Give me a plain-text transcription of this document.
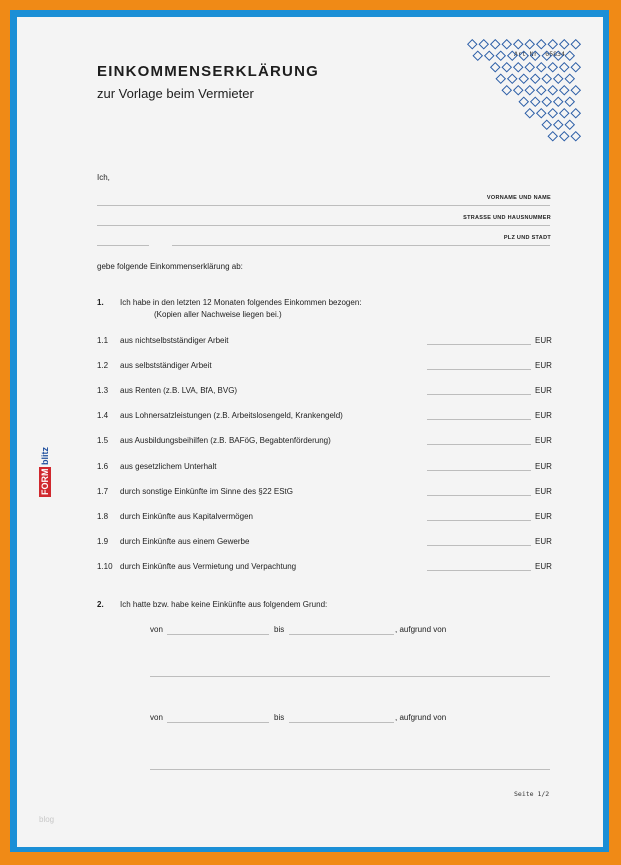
Art.Nr. 05834
EINKOMMENSERKLÄRUNG
zur Vorlage beim Vermieter
FORM
blitz
Ich,
VORNAME UND NAME
STRASSE UND HAUSNUMMER
PLZ UND STADT
gebe folgende Einkommenserklärung ab:
1. Ich habe in den letzten 12 Monaten folgendes Einkommen bezogen:
(Kopien aller Nachweise liegen bei.)
1.1 aus nichtselbstständiger Arbeit	EUR
1.2 aus selbstständiger Arbeit	EUR
1.3 aus Renten (z.B. LVA, BfA, BVG)	EUR
1.4 aus Lohnersatzleistungen (z.B. Arbeitslosengeld, Krankengeld)	EUR
1.5 aus Ausbildungsbeihilfen (z.B. BAFöG, Begabtenförderung)	EUR
1.6 aus gesetzlichem Unterhalt	EUR
1.7 durch sonstige Einkünfte im Sinne des §22 EStG	EUR
1.8 durch Einkünfte aus Kapitalvermögen	EUR
1.9 durch Einkünfte aus einem Gewerbe	EUR
1.10 durch Einkünfte aus Vermietung und Verpachtung	EUR
2. Ich hatte bzw. habe keine Einkünfte aus folgendem Grund:
von	bis	, aufgrund von
von	bis	, aufgrund von
Seite 1/2
blog
